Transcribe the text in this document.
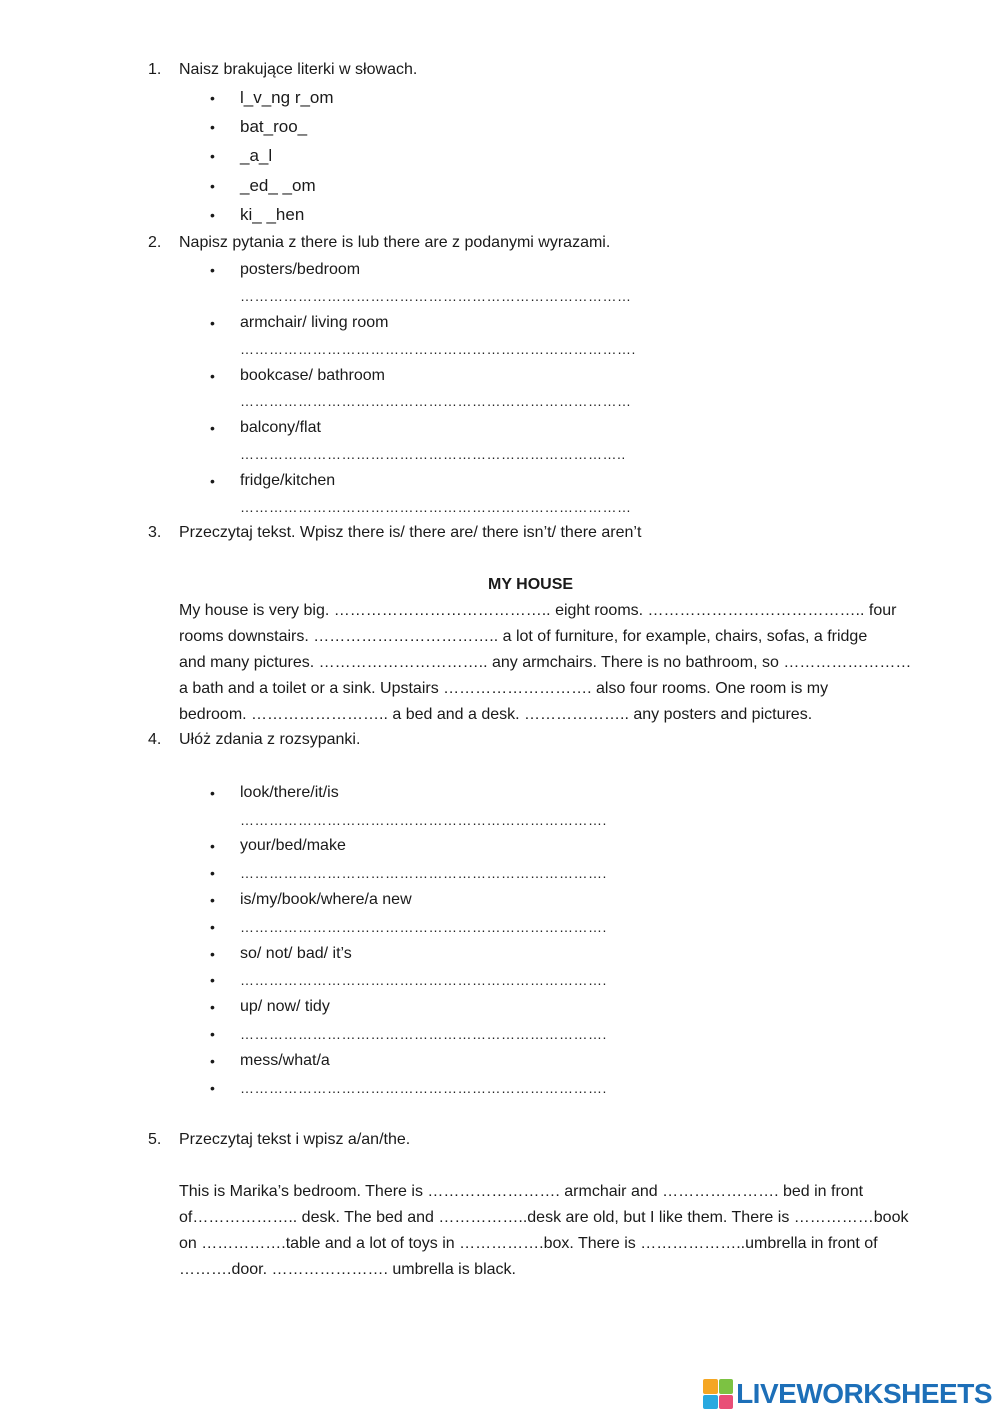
1. Naisz brakujące literki w słowach.
• l_v_ng r_om
• bat_roo_
• _a_l
• _ed_ _om
• ki_ _hen
2. Napisz pytania z there is lub there are z podanymi wyrazami.
• posters/bedroom
………………………………………………………………………
• armchair/ living room
……………………………………………………………………….
• bookcase/ bathroom
………………………………………………………………………
• balcony/flat
……………………………………………………………………..
• fridge/kitchen
………………………………………………………………………
3. Przeczytaj tekst. Wpisz there is/ there are/ there isn’t/ there aren’t
MY HOUSE
My house is very big. ………………………………….. eight rooms. ………………………………….. four
rooms downstairs. …………………………….. a lot of furniture, for example, chairs, sofas, a fridge
and many pictures. ………………………….. any armchairs. There is no bathroom, so ……………………
a bath and a toilet or a sink. Upstairs ………………………. also four rooms. One room is my
bedroom. …………………….. a bed and a desk. ……………….. any posters and pictures.
4. Ułóż zdania z rozsypanki.
• look/there/it/is
………………………………………………………………….
• your/bed/make
• ………………………………………………………………….
• is/my/book/where/a new
• ………………………………………………………………….
• so/ not/ bad/ it’s
• ………………………………………………………………….
• up/ now/ tidy
• ………………………………………………………………….
• mess/what/a
• ………………………………………………………………….
5. Przeczytaj tekst i wpisz a/an/the.
This is Marika’s bedroom. There is ……………………. armchair and …………………. bed in front
of……………….. desk. The bed and ……………..desk are old, but I like them. There is ……………book
on …………….table and a lot of toys in …………….box. There is ………………..umbrella in front of
……….door. …………………. umbrella is black.
LIVEWORKSHEETS
